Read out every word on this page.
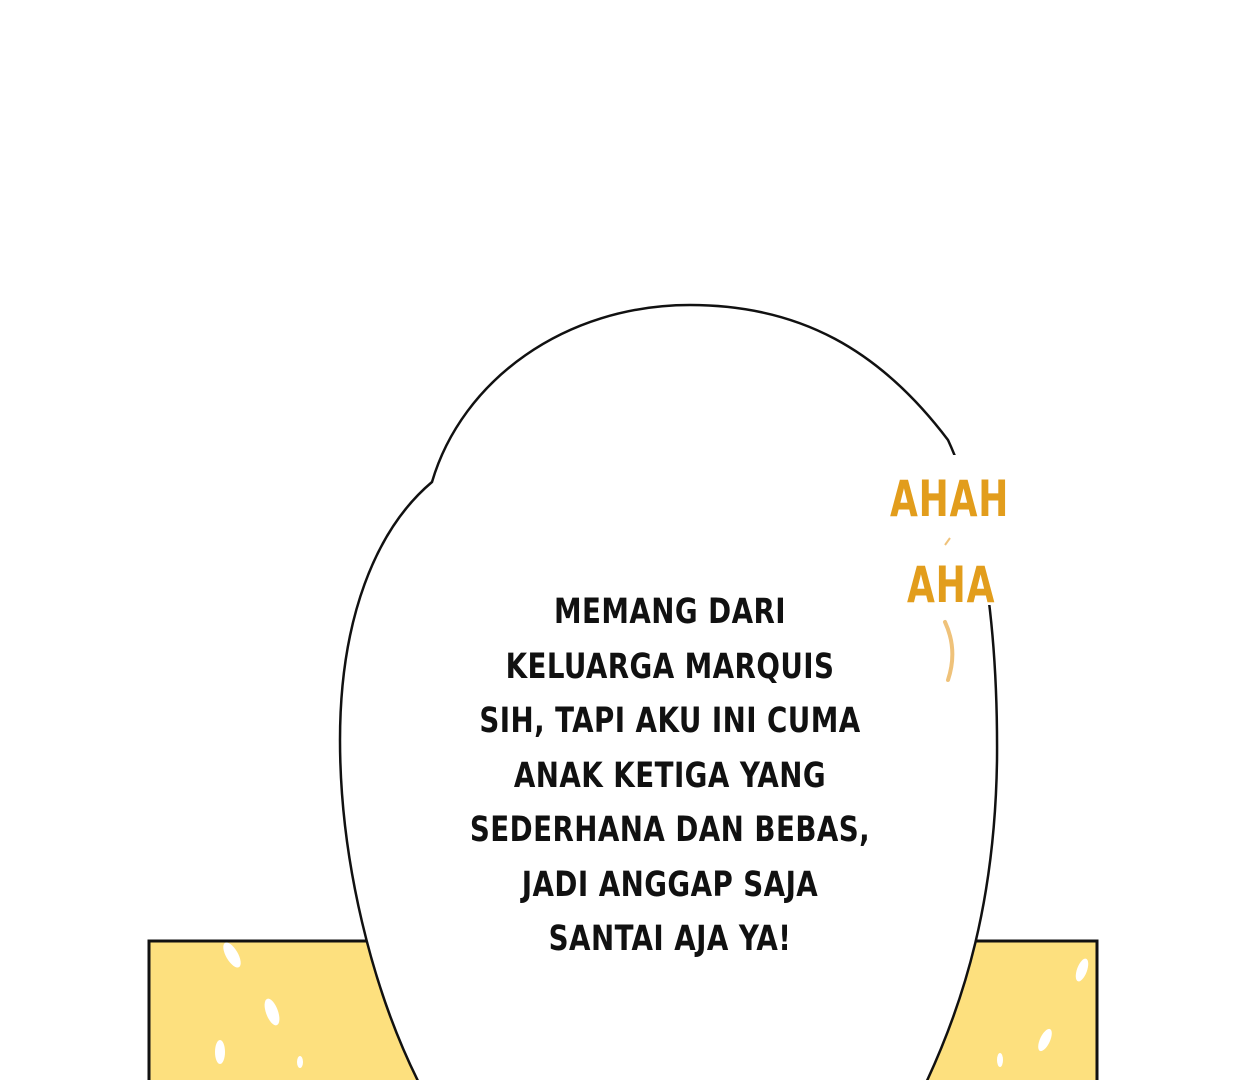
MEMANG DARI
KELUARGA MARQUIS
SIH, TAPI AKU INI CUMA
ANAK KETIGA YANG
SEDERHANA DAN BEBAS,
JADI ANGGAP SAJA
SANTAI AJA YA!
AHAH
AHA
